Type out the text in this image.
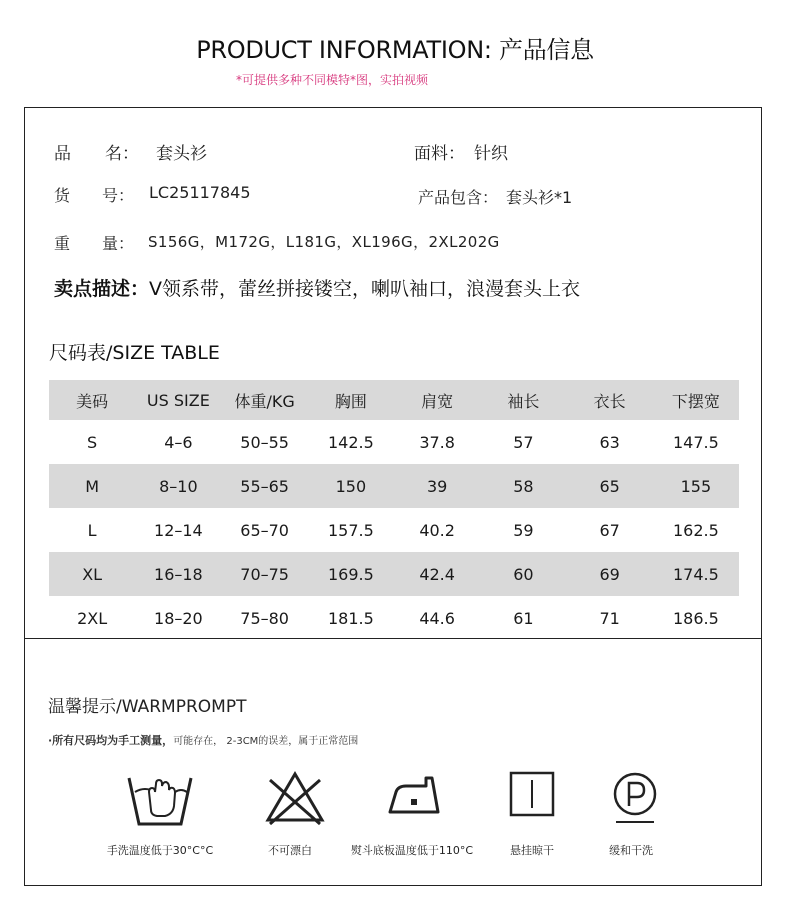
PRODUCT INFORMATION: 产品信息
*可提供多种不同模特*图，实拍视频
品　　名： 套头衫	面料： 针织
货　　号： LC25117845	产品包含： 套头衫*1
重　　量： S156G，M172G，L181G，XL196G，2XL202G
卖点描述：V领系带，蕾丝拼接镂空，喇叭袖口，浪漫套头上衣
尺码表/SIZE TABLE
美码	US SIZE	体重/KG	胸围	肩宽	袖长	衣长	下摆宽
S	4–6	50–55	142.5	37.8	57	63	147.5
M	8–10	55–65	150	39	58	65	155
L	12–14	65–70	157.5	40.2	59	67	162.5
XL	16–18	70–75	169.5	42.4	60	69	174.5
2XL	18–20	75–80	181.5	44.6	61	71	186.5
温馨提示/WARMPROMPT
·所有尺码均为手工测量，可能存在， 2-3CM的误差，属于正常范围
手洗温度低于30°C°C	不可漂白	熨斗底板温度低于110°C	悬挂晾干	缓和干洗
